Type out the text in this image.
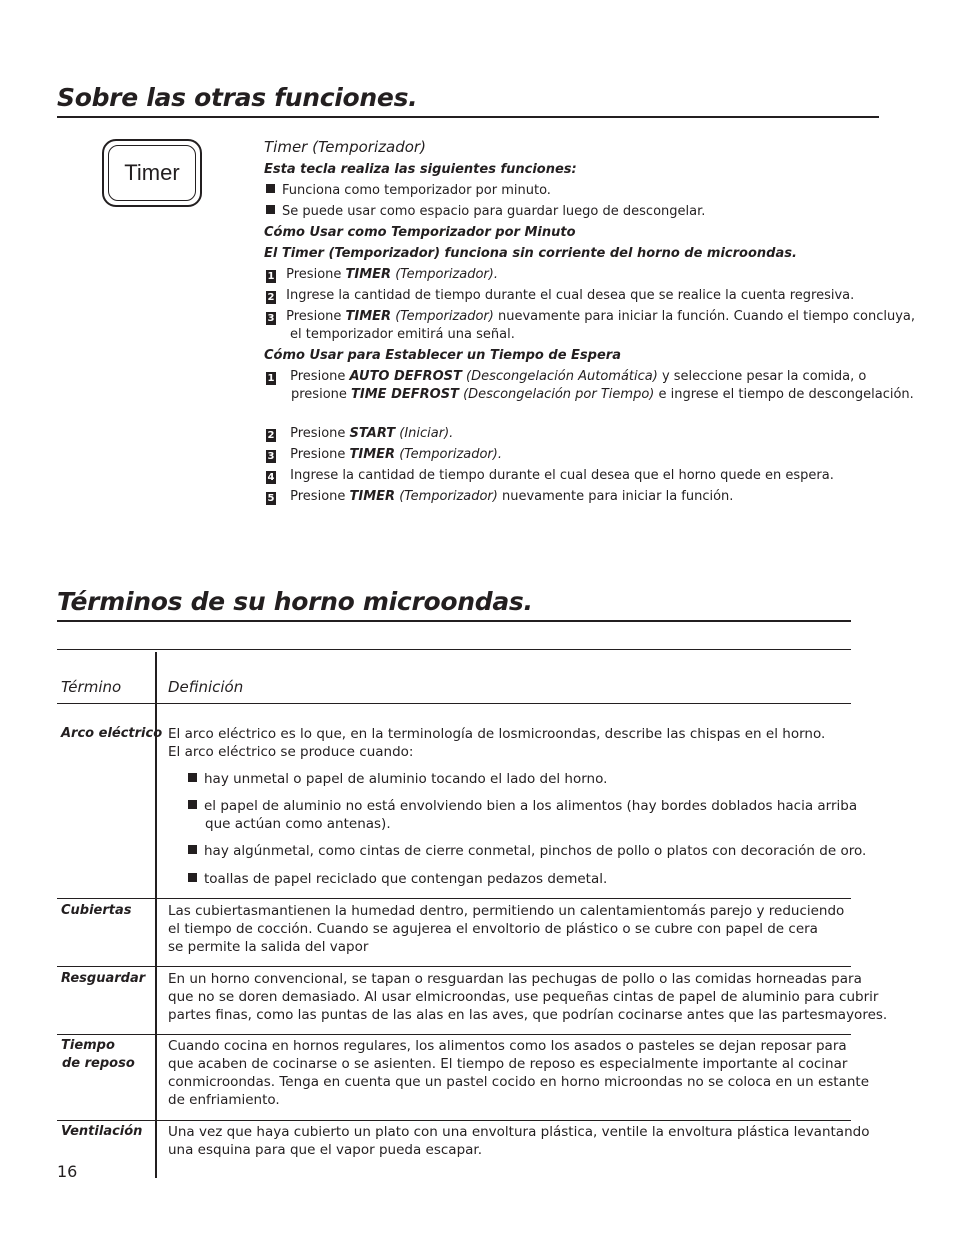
Sobre las otras funciones.
Timer
Timer (Temporizador)
Esta tecla realiza las siguientes funciones:
Funciona como temporizador por minuto.
Se puede usar como espacio para guardar luego de descongelar.
Cómo Usar como Temporizador por Minuto
El Timer (Temporizador) funciona sin corriente del horno de microondas.
1 Presione TIMER (Temporizador).
2 Ingrese la cantidad de tiempo durante el cual desea que se realice la cuenta regresiva.
3 Presione TIMER (Temporizador) nuevamente para iniciar la función. Cuando el tiempo concluya,
el temporizador emitirá una señal.
Cómo Usar para Establecer un Tiempo de Espera
1 Presione AUTO DEFROST (Descongelación Automática) y seleccione pesar la comida, o
presione TIME DEFROST (Descongelación por Tiempo) e ingrese el tiempo de descongelación.
2 Presione START (Iniciar).
3 Presione TIMER (Temporizador).
4 Ingrese la cantidad de tiempo durante el cual desea que el horno quede en espera.
5 Presione TIMER (Temporizador) nuevamente para iniciar la función.
Términos de su horno microondas.
Término	Definición
Arco eléctrico El arco eléctrico es lo que, en la terminología de losmicroondas, describe las chispas en el horno.
El arco eléctrico se produce cuando:
hay unmetal o papel de aluminio tocando el lado del horno.
el papel de aluminio no está envolviendo bien a los alimentos (hay bordes doblados hacia arriba
que actúan como antenas).
hay algúnmetal, como cintas de cierre conmetal, pinchos de pollo o platos con decoración de oro.
toallas de papel reciclado que contengan pedazos demetal.
Cubiertas	Las cubiertasmantienen la humedad dentro, permitiendo un calentamientomás parejo y reduciendo
el tiempo de cocción. Cuando se agujerea el envoltorio de plástico o se cubre con papel de cera
se permite la salida del vapor
Resguardar En un horno convencional, se tapan o resguardan las pechugas de pollo o las comidas horneadas para
que no se doren demasiado. Al usar elmicroondas, use pequeñas cintas de papel de aluminio para cubrir
partes finas, como las puntas de las alas en las aves, que podrían cocinarse antes que las partesmayores.
Tiempo
de reposo
Cuando cocina en hornos regulares, los alimentos como los asados o pasteles se dejan reposar para
que acaben de cocinarse o se asienten. El tiempo de reposo es especialmente importante al cocinar
conmicroondas. Tenga en cuenta que un pastel cocido en horno microondas no se coloca en un estante
de enfriamiento.
Ventilación Una vez que haya cubierto un plato con una envoltura plástica, ventile la envoltura plástica levantando
una esquina para que el vapor pueda escapar.
16
